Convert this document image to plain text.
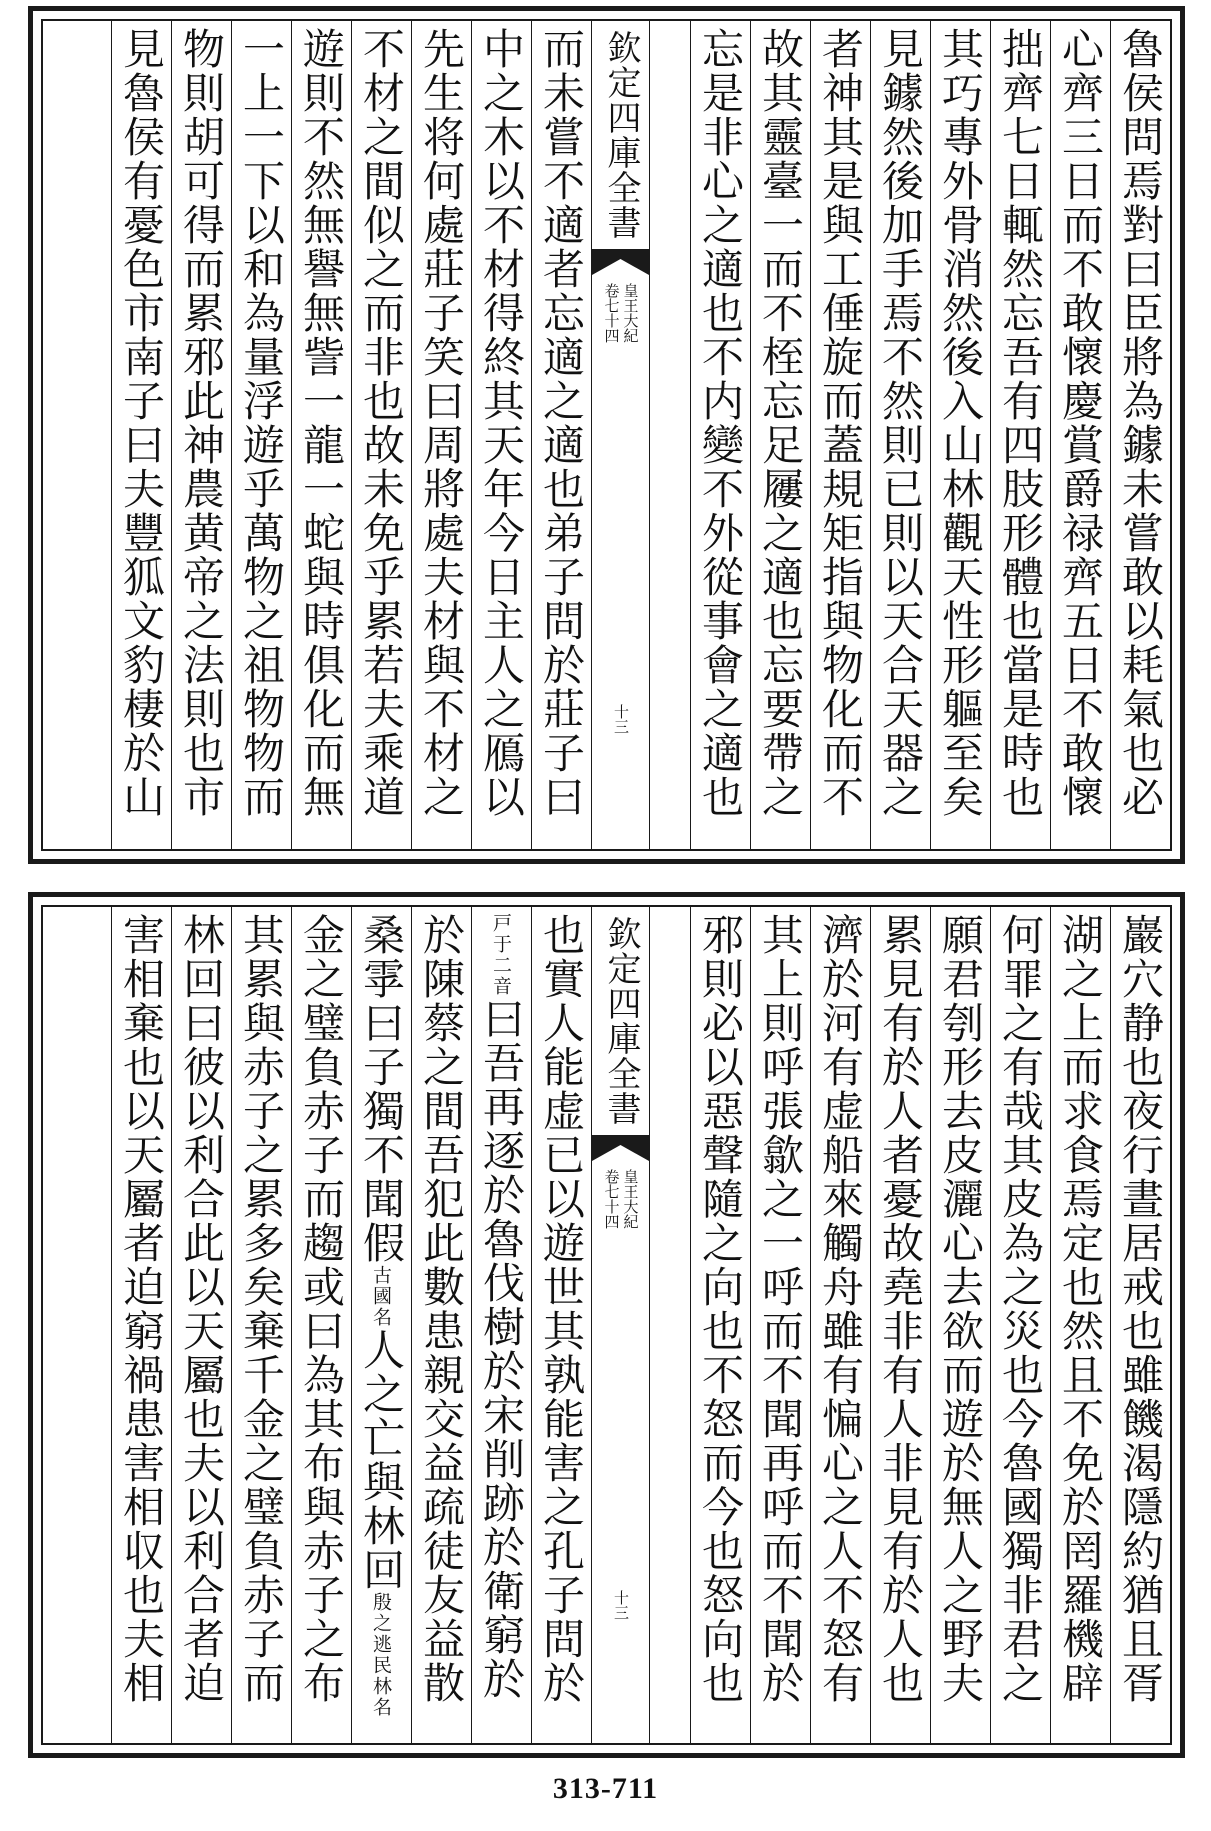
魯侯問焉對曰臣將為鐻未嘗敢以耗氣也必
心齊三日而不敢懷慶賞爵禄齊五日不敢懷
拙齊七日輒然忘吾有四肢形體也當是時也
其巧專外骨消然後入山林觀天性形軀至矣
見鐻然後加手焉不然則已則以天合天器之
者神其是與工倕旋而蓋規矩指與物化而不
故其靈臺一而不桎忘足屨之適也忘要帶之
忘是非心之適也不内變不外從事會之適也
欽定四庫全書
皇王大紀
卷七十四
十三
而未嘗不適者忘適之適也弟子問於莊子曰
中之木以不材得終其天年今日主人之鴈以
先生将何處莊子笑曰周將處夫材與不材之
不材之間似之而非也故未免乎累若夫乘道
遊則不然無譽無訾一龍一蛇與時俱化而無
一上一下以和為量浮遊乎萬物之祖物物而
物則胡可得而累邪此神農黄帝之法則也市
見魯侯有憂色市南子曰夫豐狐文豹棲於山
巖穴静也夜行晝居戒也雖饑渴隱約猶且胥
湖之上而求食焉定也然且不免於罔羅機辟
何罪之有哉其皮為之災也今魯國獨非君之
願君刳形去皮灑心去欲而遊於無人之野夫
累見有於人者憂故堯非有人非見有於人也
濟於河有虚船來觸舟雖有惼心之人不怒有
其上則呼張歙之一呼而不聞再呼而不聞於
邪則必以惡聲隨之向也不怒而今也怒向也
欽定四庫全書
皇王大紀
卷七十四
十三
也實人能虚已以遊世其孰能害之孔子問於
戸于二音曰吾再逐於魯伐樹於宋削跡於衛窮於
於陳蔡之間吾犯此數患親交益疏徒友益散
桑雽曰子獨不聞假古國名人之亡與林回殷之逃民林名
金之璧負赤子而趨或曰為其布與赤子之布
其累與赤子之累多矣棄千金之璧負赤子而
林回曰彼以利合此以天屬也夫以利合者迫
害相棄也以天屬者迫窮禍患害相収也夫相
313-711
